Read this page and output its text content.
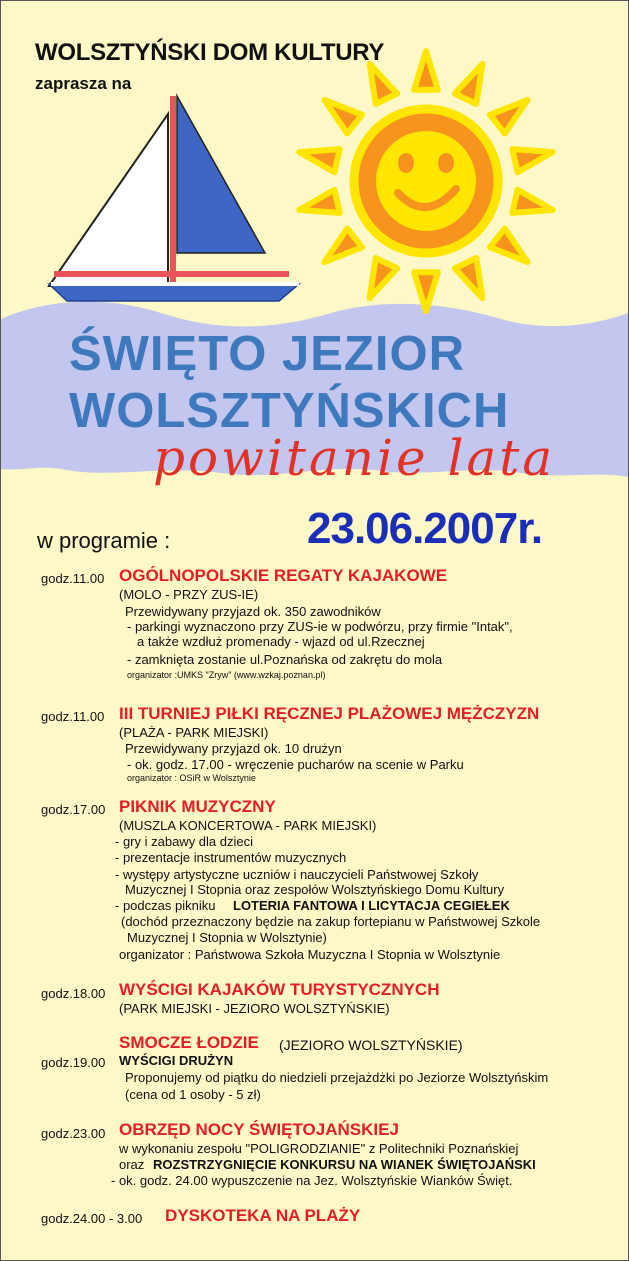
WOLSZTYŃSKI DOM KULTURY
zaprasza na
ŚWIĘTO JEZIOR
WOLSZTYŃSKICH
powitanie lata
w programie :	23.06.2007r.
godz.11.00 OGÓLNOPOLSKIE REGATY KAJAKOWE
(MOLO - PRZY ZUS-IE)
Przewidywany przyjazd ok. 350 zawodników
- parkingi wyznaczono przy ZUS-ie w podwórzu, przy firmie "Intak",
a także wzdłuż promenady - wjazd od ul.Rzecznej
- zamknięta zostanie ul.Poznańska od zakrętu do mola
organizator :UMKS "Zryw" (www.wzkaj.poznan.pl)
godz.11.00 III TURNIEJ PIŁKI RĘCZNEJ PLAŻOWEJ MĘŻCZYZN
(PLAŻA - PARK MIEJSKI)
Przewidywany przyjazd ok. 10 drużyn
- ok. godz. 17.00 - wręczenie pucharów na scenie w Parku
organizator : OSiR w Wolsztynie
godz.17.00 PIKNIK MUZYCZNY
(MUSZLA KONCERTOWA - PARK MIEJSKI)
- gry i zabawy dla dzieci
- prezentacje instrumentów muzycznych
- występy artystyczne uczniów i nauczycieli Państwowej Szkoły
Muzycznej I Stopnia oraz zespołów Wolsztyńskiego Domu Kultury
- podczas pikniku LOTERIA FANTOWA I LICYTACJA CEGIEŁEK
(dochód przeznaczony będzie na zakup fortepianu w Państwowej Szkole
Muzycznej I Stopnia w Wolsztynie)
organizator : Państwowa Szkoła Muzyczna I Stopnia w Wolsztynie
godz.18.00 WYŚCIGI KAJAKÓW TURYSTYCZNYCH
(PARK MIEJSKI - JEZIORO WOLSZTYŃSKIE)
SMOCZE ŁODZIE (JEZIORO WOLSZTYŃSKIE)
godz.19.00 WYŚCIGI DRUŻYN
Proponujemy od piątku do niedzieli przejażdżki po Jeziorze Wolsztyńskim
(cena od 1 osoby - 5 zł)
godz.23.00 OBRZĘD NOCY ŚWIĘTOJAŃSKIEJ
w wykonaniu zespołu "POLIGRODZIANIE" z Politechniki Poznańskiej
oraz ROZSTRZYGNIĘCIE KONKURSU NA WIANEK ŚWIĘTOJAŃSKI
- ok. godz. 24.00 wypuszczenie na Jez. Wolsztyńskie Wianków Święt.
godz.24.00 - 3.00 DYSKOTEKA NA PLAŻY
